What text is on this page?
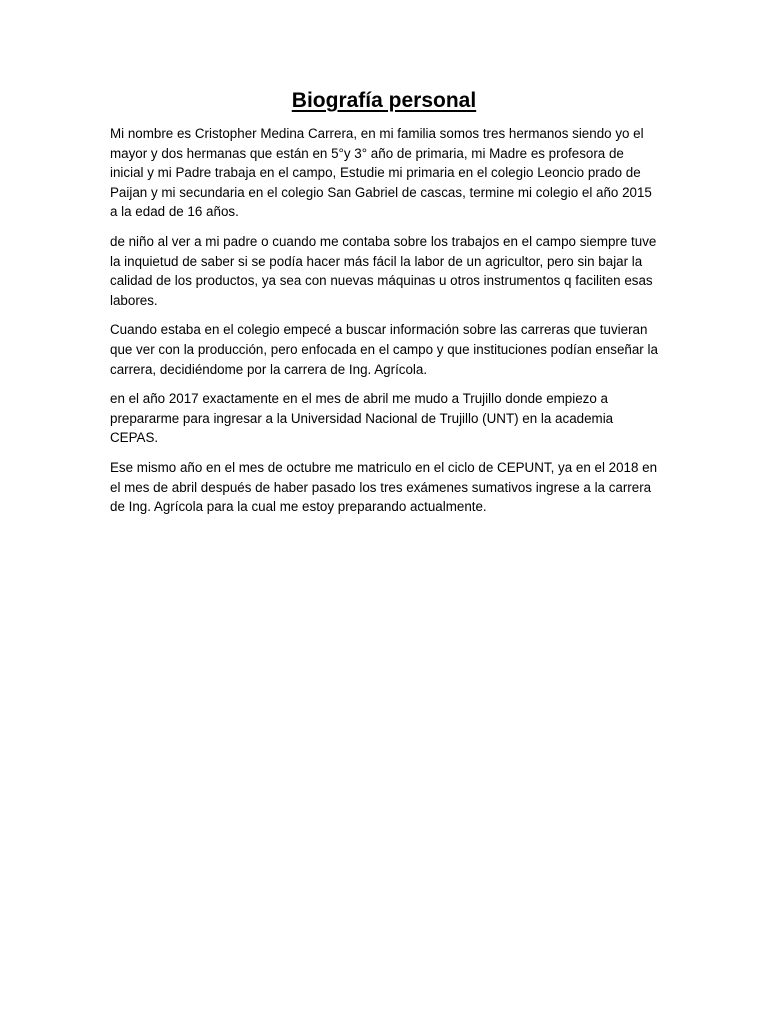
Biografía personal

Mi nombre es Cristopher Medina Carrera, en mi familia somos tres hermanos siendo yo el mayor y dos hermanas que están en 5°y 3° año de primaria, mi Madre es profesora de inicial y mi Padre trabaja en el campo, Estudie mi primaria en el colegio Leoncio prado de Paijan y mi secundaria en el colegio San Gabriel de cascas, termine mi colegio el año 2015 a la edad de 16 años.

de niño al ver a mi padre o cuando me contaba sobre los trabajos en el campo siempre tuve la inquietud de saber si se podía hacer más fácil la labor de un agricultor, pero sin bajar la calidad de los productos, ya sea con nuevas máquinas u otros instrumentos q faciliten esas labores.

Cuando estaba en el colegio empecé a buscar información sobre las carreras que tuvieran que ver con la producción, pero enfocada en el campo y que instituciones podían enseñar la carrera, decidiéndome por la carrera de Ing. Agrícola.

en el año 2017 exactamente en el mes de abril me mudo a Trujillo donde empiezo a prepararme para ingresar a la Universidad Nacional de Trujillo (UNT) en la academia CEPAS.

Ese mismo año en el mes de octubre me matriculo en el ciclo de CEPUNT, ya en el 2018 en el mes de abril después de haber pasado los tres exámenes sumativos ingrese a la carrera de Ing. Agrícola para la cual me estoy preparando actualmente.
